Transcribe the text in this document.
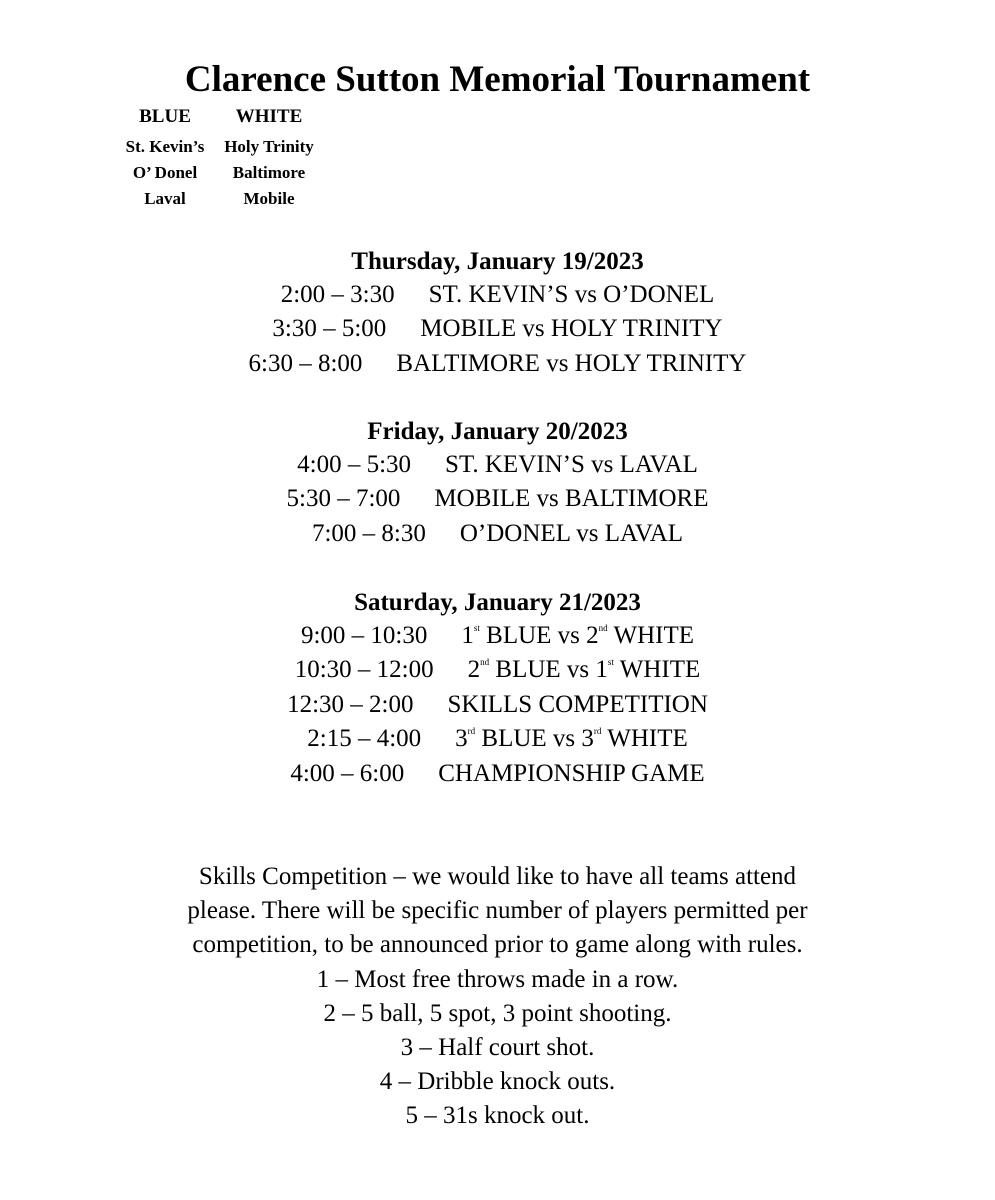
Clarence Sutton Memorial Tournament
BLUE
St. Kevin’s
O’ Donel
Laval
WHITE
Holy Trinity
Baltimore
Mobile
Thursday, January 19/2023
2:00 – 3:30 ST. KEVIN’S vs O’DONEL
3:30 – 5:00 MOBILE vs HOLY TRINITY
6:30 – 8:00 BALTIMORE vs HOLY TRINITY
Friday, January 20/2023
4:00 – 5:30 ST. KEVIN’S vs LAVAL
5:30 – 7:00 MOBILE vs BALTIMORE
7:00 – 8:30 O’DONEL vs LAVAL
Saturday, January 21/2023
9:00 – 10:30 1st BLUE vs 2nd WHITE
10:30 – 12:00 2nd BLUE vs 1st WHITE
12:30 – 2:00 SKILLS COMPETITION
2:15 – 4:00 3rd BLUE vs 3rd WHITE
4:00 – 6:00 CHAMPIONSHIP GAME
Skills Competition – we would like to have all teams attend
please. There will be specific number of players permitted per
competition, to be announced prior to game along with rules.
1 – Most free throws made in a row.
2 – 5 ball, 5 spot, 3 point shooting.
3 – Half court shot.
4 – Dribble knock outs.
5 – 31s knock out.
